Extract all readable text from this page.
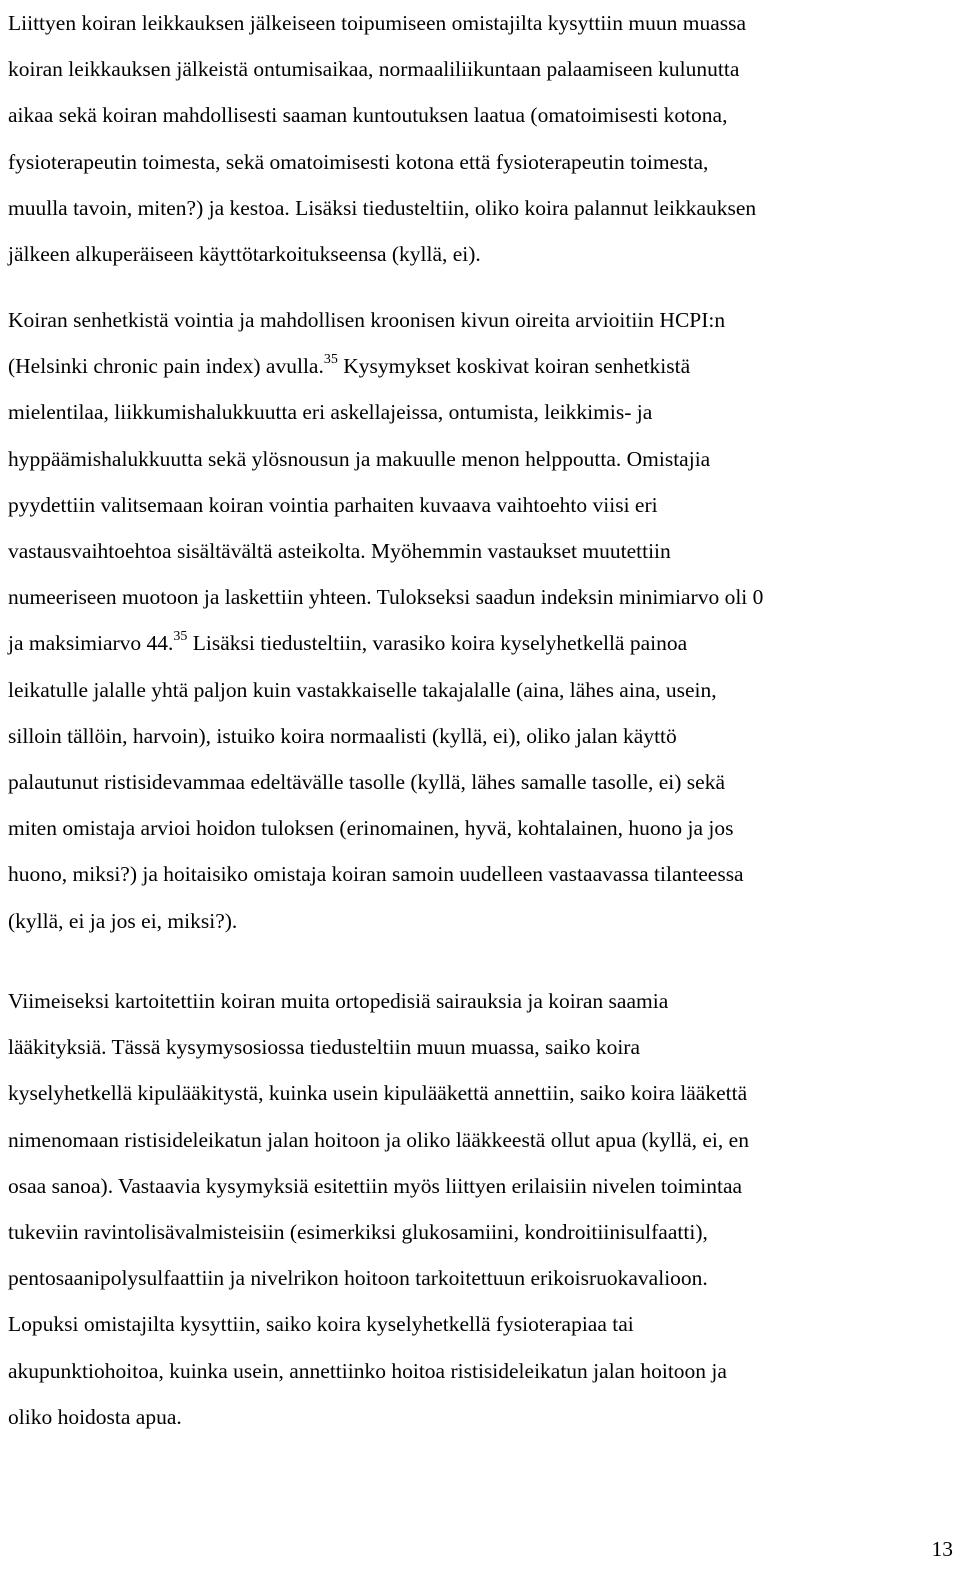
Liittyen koiran leikkauksen jälkeiseen toipumiseen omistajilta kysyttiin muun muassa
koiran leikkauksen jälkeistä ontumisaikaa, normaaliliikuntaan palaamiseen kulunutta
aikaa sekä koiran mahdollisesti saaman kuntoutuksen laatua (omatoimisesti kotona,
fysioterapeutin toimesta, sekä omatoimisesti kotona että fysioterapeutin toimesta,
muulla tavoin, miten?) ja kestoa. Lisäksi tiedusteltiin, oliko koira palannut leikkauksen
jälkeen alkuperäiseen käyttötarkoitukseensa (kyllä, ei).

Koiran senhetkistä vointia ja mahdollisen kroonisen kivun oireita arvioitiin HCPI:n
(Helsinki chronic pain index) avulla.$^{35}$ Kysymykset koskivat koiran senhetkistä
mielentilaa, liikkumishalukkuutta eri askellajeissa, ontumista, leikkimis- ja
hyppäämishalukkuutta sekä ylösnousun ja makuulle menon helppoutta. Omistajia
pyydettiin valitsemaan koiran vointia parhaiten kuvaava vaihtoehto viisi eri
vastausvaihtoehtoa sisältävältä asteikolta. Myöhemmin vastaukset muutettiin
numeeriseen muotoon ja laskettiin yhteen. Tulokseksi saadun indeksin minimiarvo oli 0
ja maksimiarvo 44.35 Lisäksi tiedusteltiin, varasiko koira kyselyhetkellä painoa
leikatulle jalalle yhtä paljon kuin vastakkaiselle takajalalle (aina, lähes aina, usein,
silloin tällöin, harvoin), istuiko koira normaalisti (kyllä, ei), oliko jalan käyttö
palautunut ristisidevammaa edeltävälle tasolle (kyllä, lähes samalle tasolle, ei) sekä
miten omistaja arvioi hoidon tuloksen (erinomainen, hyvä, kohtalainen, huono ja jos
huono, miksi?) ja hoitaisiko omistaja koiran samoin uudelleen vastaavassa tilanteessa
(kyllä, ei ja jos ei, miksi?).

Viimeiseksi kartoitettiin koiran muita ortopedisiä sairauksia ja koiran saamia
lääkityksiä. Tässä kysymysosiossa tiedusteltiin muun muassa, saiko koira
kyselyhetkellä kipulääkitystä, kuinka usein kipulääkettä annettiin, saiko koira lääkettä
nimenomaan ristisideleikatun jalan hoitoon ja oliko lääkkeestä ollut apua (kyllä, ei, en
osaa sanoa). Vastaavia kysymyksiä esitettiin myös liittyen erilaisiin nivelen toimintaa
tukeviin ravintolisävalmisteisiin (esimerkiksi glukosamiini, kondroitiinisulfaatti),
pentosaanipolysulfaattiin ja nivelrikon hoitoon tarkoitettuun erikoisruokavalioon.
Lopuksi omistajilta kysyttiin, saiko koira kyselyhetkellä fysioterapiaa tai
akupunktiohoitoa, kuinka usein, annettiinko hoitoa ristisideleikatun jalan hoitoon ja
oliko hoidosta apua.

13
